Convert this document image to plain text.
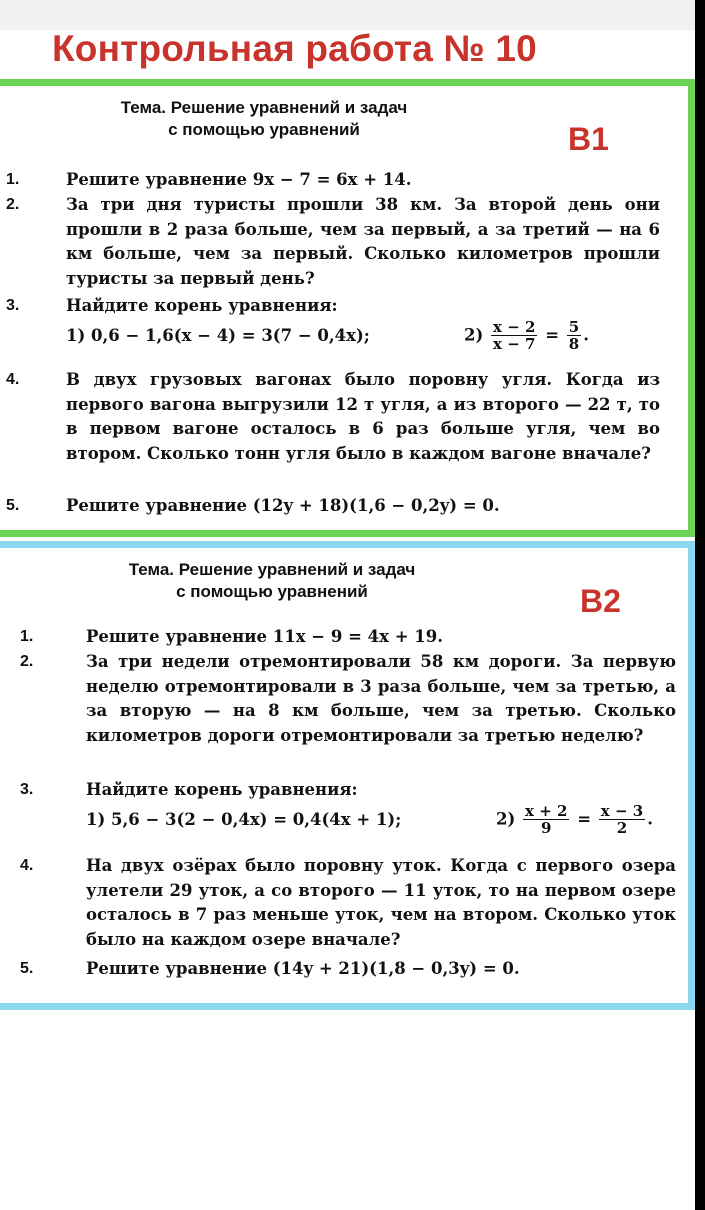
Контрольная работа № 10
Тема. Решение уравнений и задач
с помощью уравнений	В1
1.	Решите уравнение 9x − 7 = 6x + 14.
2.	За три дня туристы прошли 38 км. За второй день они прошли в 2 раза больше, чем за первый, а за третий — на 6 км больше, чем за первый. Сколько километров прошли туристы за первый день?
3.	Найдите корень уравнения:
1) 0,6 − 1,6(x − 4) = 3(7 − 0,4x);	$2) \frac{x - 2}{x - 7} = \frac{5}{8}$ .
4.	В двух грузовых вагонах было поровну угля. Когда из первого вагона выгрузили 12 т угля, а из второго — 22 т, то в первом вагоне осталось в 6 раз больше угля, чем во втором. Сколько тонн угля было в каждом вагоне вначале?
5.	Решите уравнение (12y + 18)(1,6 − 0,2y) = 0.
Тема. Решение уравнений и задач
с помощью уравнений	В2
1.	Решите уравнение 11x − 9 = 4x + 19.
2.	За три недели отремонтировали 58 км дороги. За первую неделю отремонтировали в 3 раза больше, чем за третью, а за вторую — на 8 км больше, чем за третью. Сколько километров дороги отремонтировали за третью неделю?
3.	Найдите корень уравнения:
1) 5,6 − 3(2 − 0,4x) = 0,4(4x + 1);	$2) \frac{x + 2}{9} = \frac{x - 3}{2}$ .
4.	На двух озёрах было поровну уток. Когда с первого озера улетели 29 уток, а со второго — 11 уток, то на первом озере осталось в 7 раз меньше уток, чем на втором. Сколько уток было на каждом озере вначале?
5.	Решите уравнение (14y + 21)(1,8 − 0,3y) = 0.
